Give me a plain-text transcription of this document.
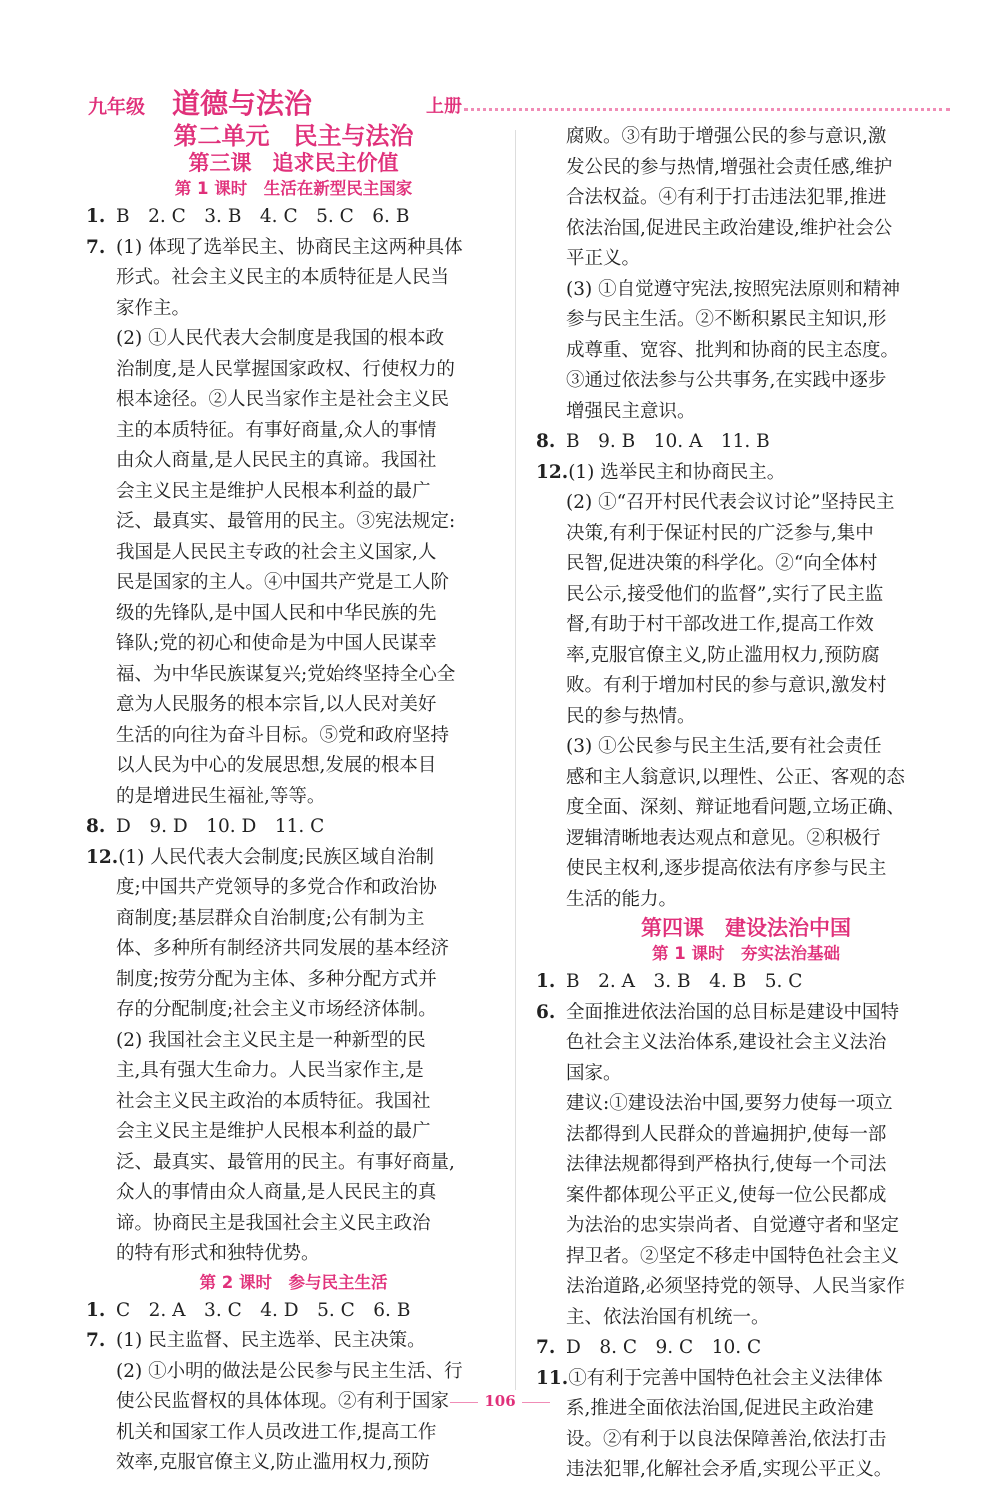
九年级 道德与法治	上册
第二单元　民主与法治
第三课　追求民主价值
第 1 课时　生活在新型民主国家
1. B　2. C　3. B　4. C　5. C　6. B
7. (1) 体现了选举民主、协商民主这两种具体
形式。社会主义民主的本质特征是人民当
家作主。
(2) ①人民代表大会制度是我国的根本政
治制度,是人民掌握国家政权、行使权力的
根本途径。②人民当家作主是社会主义民
主的本质特征。有事好商量,众人的事情
由众人商量,是人民民主的真谛。我国社
会主义民主是维护人民根本利益的最广
泛、最真实、最管用的民主。③宪法规定:
我国是人民民主专政的社会主义国家,人
民是国家的主人。④中国共产党是工人阶
级的先锋队,是中国人民和中华民族的先
锋队;党的初心和使命是为中国人民谋幸
福、为中华民族谋复兴;党始终坚持全心全
意为人民服务的根本宗旨,以人民对美好
生活的向往为奋斗目标。⑤党和政府坚持
以人民为中心的发展思想,发展的根本目
的是增进民生福祉,等等。
8. D　9. D　10. D　11. C
12.(1) 人民代表大会制度;民族区域自治制
度;中国共产党领导的多党合作和政治协
商制度;基层群众自治制度;公有制为主
体、多种所有制经济共同发展的基本经济
制度;按劳分配为主体、多种分配方式并
存的分配制度;社会主义市场经济体制。
(2) 我国社会主义民主是一种新型的民
主,具有强大生命力。人民当家作主,是
社会主义民主政治的本质特征。我国社
会主义民主是维护人民根本利益的最广
泛、最真实、最管用的民主。有事好商量,
众人的事情由众人商量,是人民民主的真
谛。协商民主是我国社会主义民主政治
的特有形式和独特优势。
第 2 课时　参与民主生活
1. C　2. A　3. C　4. D　5. C　6. B
7. (1) 民主监督、民主选举、民主决策。
(2) ①小明的做法是公民参与民主生活、行
使公民监督权的具体体现。②有利于国家
机关和国家工作人员改进工作,提高工作
效率,克服官僚主义,防止滥用权力,预防
腐败。③有助于增强公民的参与意识,激
发公民的参与热情,增强社会责任感,维护
合法权益。④有利于打击违法犯罪,推进
依法治国,促进民主政治建设,维护社会公
平正义。
(3) ①自觉遵守宪法,按照宪法原则和精神
参与民主生活。②不断积累民主知识,形
成尊重、宽容、批判和协商的民主态度。
③通过依法参与公共事务,在实践中逐步
增强民主意识。
8. B　9. B　10. A　11. B
12.(1) 选举民主和协商民主。
(2) ①“召开村民代表会议讨论”坚持民主
决策,有利于保证村民的广泛参与,集中
民智,促进决策的科学化。②“向全体村
民公示,接受他们的监督”,实行了民主监
督,有助于村干部改进工作,提高工作效
率,克服官僚主义,防止滥用权力,预防腐
败。有利于增加村民的参与意识,激发村
民的参与热情。
(3) ①公民参与民主生活,要有社会责任
感和主人翁意识,以理性、公正、客观的态
度全面、深刻、辩证地看问题,立场正确、
逻辑清晰地表达观点和意见。②积极行
使民主权利,逐步提高依法有序参与民主
生活的能力。
第四课　建设法治中国
第 1 课时　夯实法治基础
1. B　2. A　3. B　4. B　5. C
6. 全面推进依法治国的总目标是建设中国特
色社会主义法治体系,建设社会主义法治
国家。
建议:①建设法治中国,要努力使每一项立
法都得到人民群众的普遍拥护,使每一部
法律法规都得到严格执行,使每一个司法
案件都体现公平正义,使每一位公民都成
为法治的忠实崇尚者、自觉遵守者和坚定
捍卫者。②坚定不移走中国特色社会主义
法治道路,必须坚持党的领导、人民当家作
主、依法治国有机统一。
7. D　8. C　9. C　10. C
11.①有利于完善中国特色社会主义法律体
系,推进全面依法治国,促进民主政治建
设。②有利于以良法保障善治,依法打击
违法犯罪,化解社会矛盾,实现公平正义。
106
